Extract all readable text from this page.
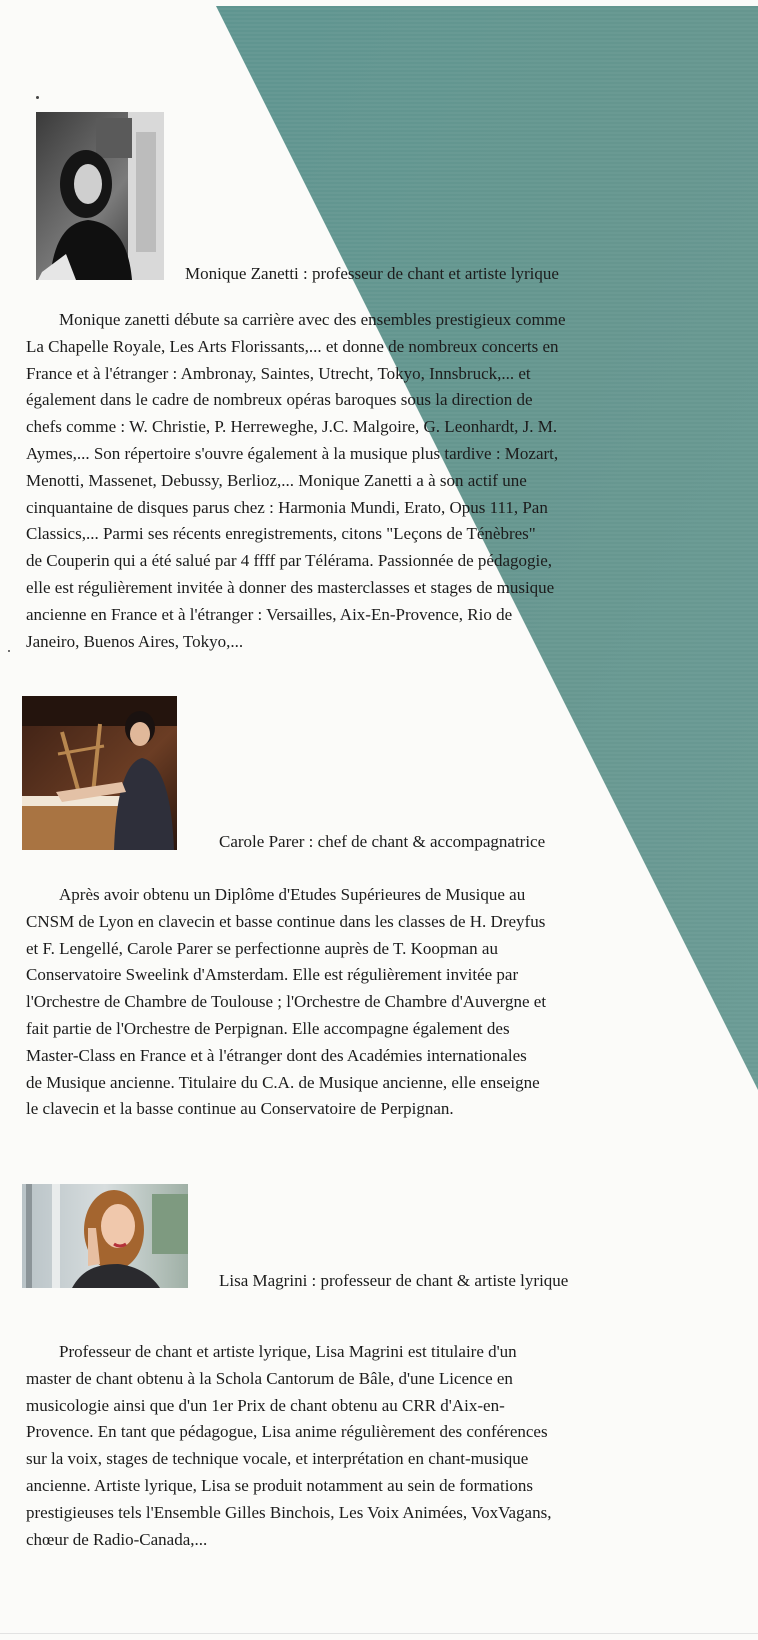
Monique Zanetti : professeur de chant et artiste lyrique

Monique zanetti débute sa carrière avec des ensembles prestigieux comme
La Chapelle Royale, Les Arts Florissants,... et donne de nombreux concerts en
France et à l'étranger : Ambronay, Saintes, Utrecht, Tokyo, Innsbruck,... et
également dans le cadre de nombreux opéras baroques sous la direction de
chefs comme : W. Christie, P. Herreweghe, J.C. Malgoire, G. Leonhardt, J. M.
Aymes,... Son répertoire s'ouvre également à la musique plus tardive : Mozart,
Menotti, Massenet, Debussy, Berlioz,... Monique Zanetti a à son actif une
cinquantaine de disques parus chez : Harmonia Mundi, Erato, Opus 111, Pan
Classics,... Parmi ses récents enregistrements, citons "Leçons de Ténèbres"
de Couperin qui a été salué par 4 ffff par Télérama. Passionnée de pédagogie,
elle est régulièrement invitée à donner des masterclasses et stages de musique
ancienne en France et à l'étranger : Versailles, Aix-En-Provence, Rio de
Janeiro, Buenos Aires, Tokyo,...

Carole Parer : chef de chant & accompagnatrice

Après avoir obtenu un Diplôme d'Etudes Supérieures de Musique au
CNSM de Lyon en clavecin et basse continue dans les classes de H. Dreyfus
et F. Lengellé, Carole Parer se perfectionne auprès de T. Koopman au
Conservatoire Sweelink d'Amsterdam. Elle est régulièrement invitée par
l'Orchestre de Chambre de Toulouse ; l'Orchestre de Chambre d'Auvergne et
fait partie de l'Orchestre de Perpignan. Elle accompagne également des
Master-Class en France et à l'étranger dont des Académies internationales
de Musique ancienne. Titulaire du C.A. de Musique ancienne, elle enseigne
le clavecin et la basse continue au Conservatoire de Perpignan.

Lisa Magrini : professeur de chant & artiste lyrique

Professeur de chant et artiste lyrique, Lisa Magrini est titulaire d'un
master de chant obtenu à la Schola Cantorum de Bâle, d'une Licence en
musicologie ainsi que d'un 1er Prix de chant obtenu au CRR d'Aix-en-
Provence. En tant que pédagogue, Lisa anime régulièrement des conférences
sur la voix, stages de technique vocale, et interprétation en chant-musique
ancienne. Artiste lyrique, Lisa se produit notamment au sein de formations
prestigieuses tels l'Ensemble Gilles Binchois, Les Voix Animées, VoxVagans,
chœur de Radio-Canada,...
